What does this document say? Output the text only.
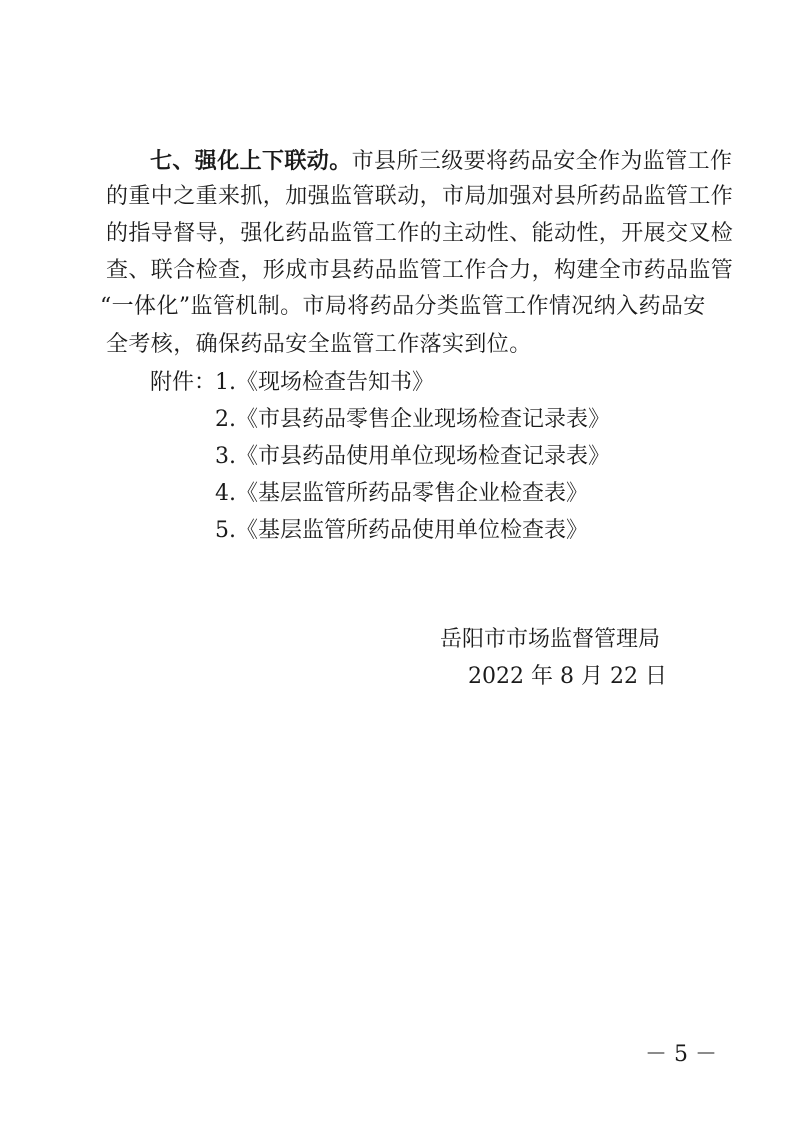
七、强化上下联动。市县所三级要将药品安全作为监管工作
的重中之重来抓，加强监管联动，市局加强对县所药品监管工作
的指导督导，强化药品监管工作的主动性、能动性，开展交叉检
查、联合检查，形成市县药品监管工作合力，构建全市药品监管
“一体化”监管机制。市局将药品分类监管工作情况纳入药品安
全考核，确保药品安全监管工作落实到位。
附件：
1.《现场检查告知书》
2.《市县药品零售企业现场检查记录表》
3.《市县药品使用单位现场检查记录表》
4.《基层监管所药品零售企业检查表》
5.《基层监管所药品使用单位检查表》
岳阳市市场监督管理局
2022 年 8 月 22 日
－ 5 －
